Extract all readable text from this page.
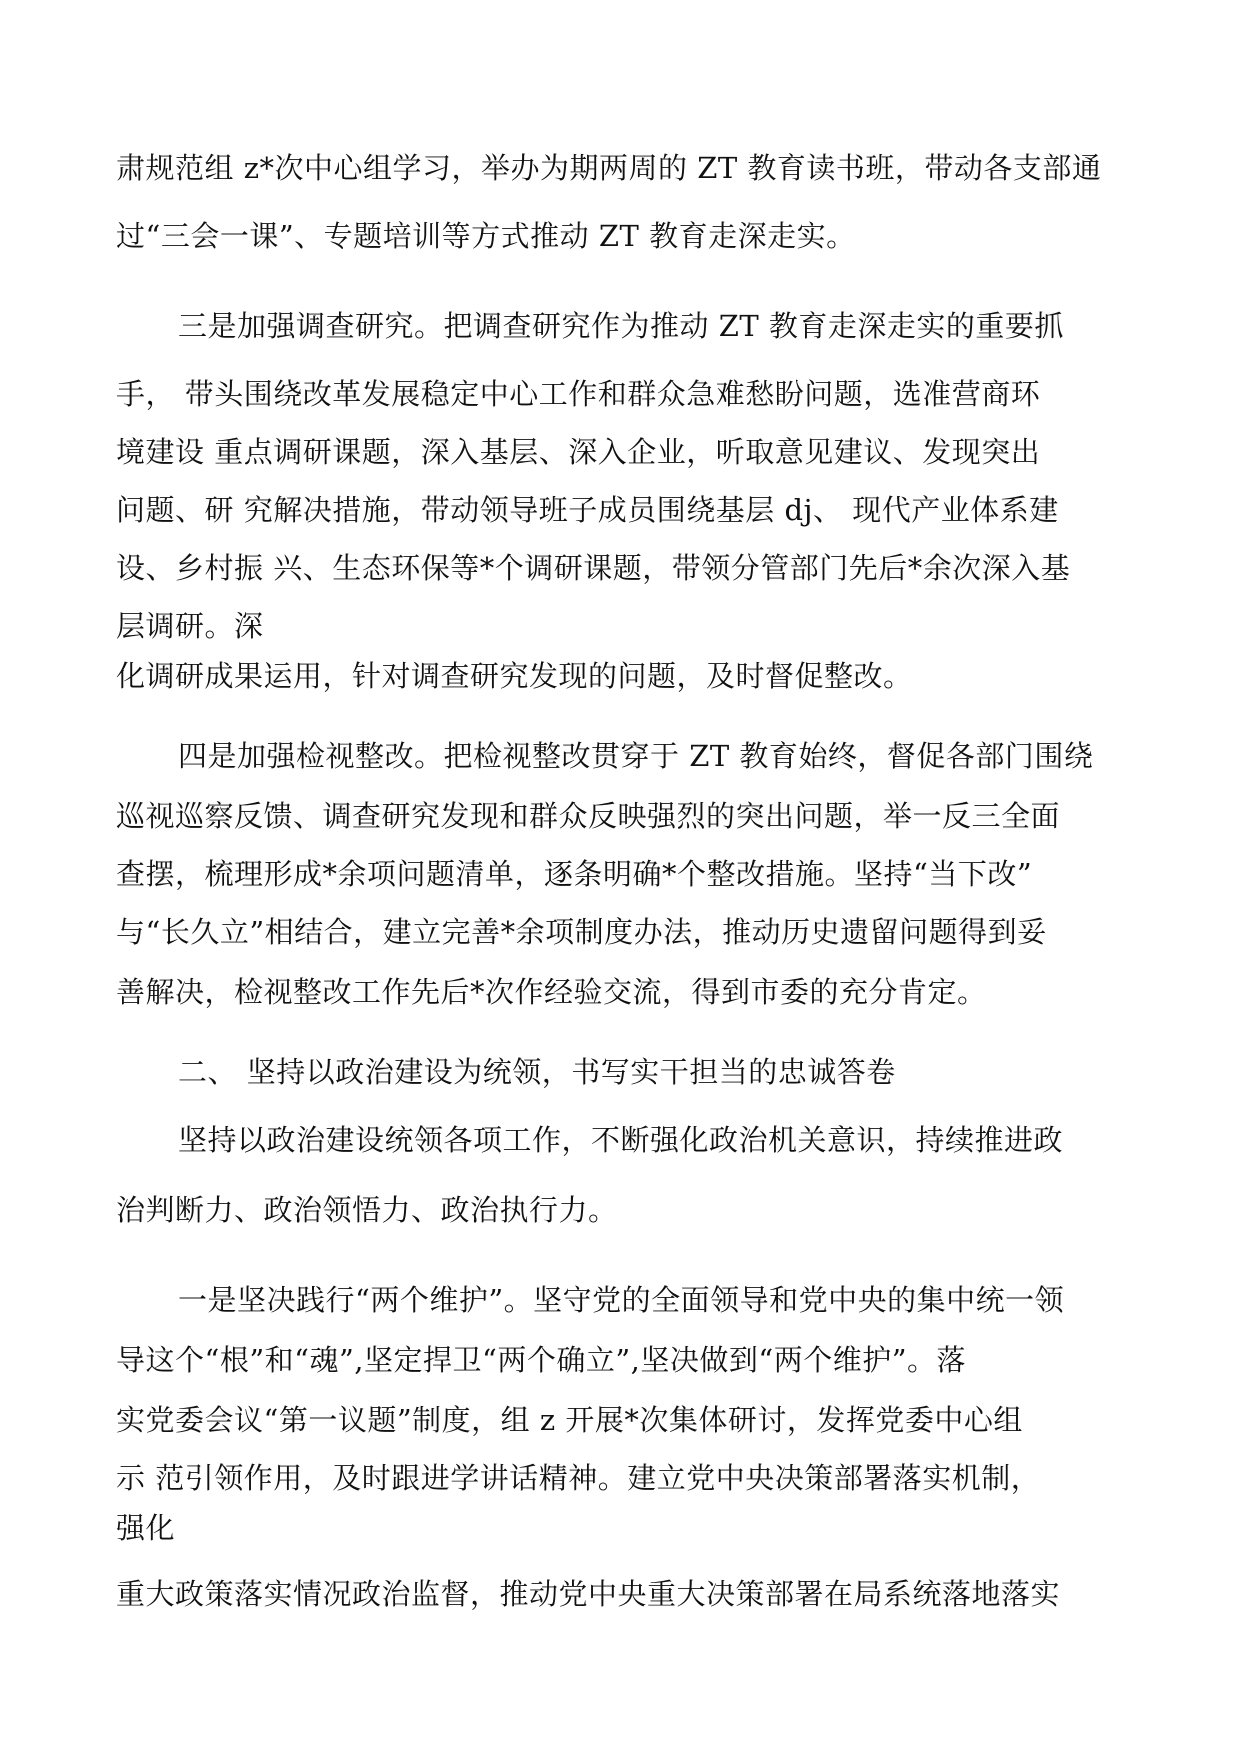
肃规范组 z*次中心组学习，举办为期两周的 ZT 教育读书班，带动各支部通
过“三会一课”、专题培训等方式推动 ZT 教育走深走实。
三是加强调查研究。把调查研究作为推动 ZT 教育走深走实的重要抓
手， 带头围绕改革发展稳定中心工作和群众急难愁盼问题，选准营商环
境建设 重点调研课题，深入基层、深入企业，听取意见建议、发现突出
问题、研 究解决措施，带动领导班子成员围绕基层 dj、 现代产业体系建
设、乡村振 兴、生态环保等*个调研课题，带领分管部门先后*余次深入基
层调研。深
化调研成果运用，针对调查研究发现的问题，及时督促整改。
四是加强检视整改。把检视整改贯穿于 ZT 教育始终，督促各部门围绕
巡视巡察反馈、调查研究发现和群众反映强烈的突出问题，举一反三全面
查摆，梳理形成*余项问题清单，逐条明确*个整改措施。坚持“当下改”
与“长久立”相结合，建立完善*余项制度办法，推动历史遗留问题得到妥
善解决，检视整改工作先后*次作经验交流，得到市委的充分肯定。
二、 坚持以政治建设为统领，书写实干担当的忠诚答卷
坚持以政治建设统领各项工作，不断强化政治机关意识，持续推进政
治判断力、政治领悟力、政治执行力。
一是坚决践行“两个维护”。坚守党的全面领导和党中央的集中统一领
导这个“根”和“魂”,坚定捍卫“两个确立”,坚决做到“两个维护”。落
实党委会议“第一议题”制度，组 z 开展*次集体研讨，发挥党委中心组
示 范引领作用，及时跟进学讲话精神。建立党中央决策部署落实机制，
强化
重大政策落实情况政治监督，推动党中央重大决策部署在局系统落地落实
